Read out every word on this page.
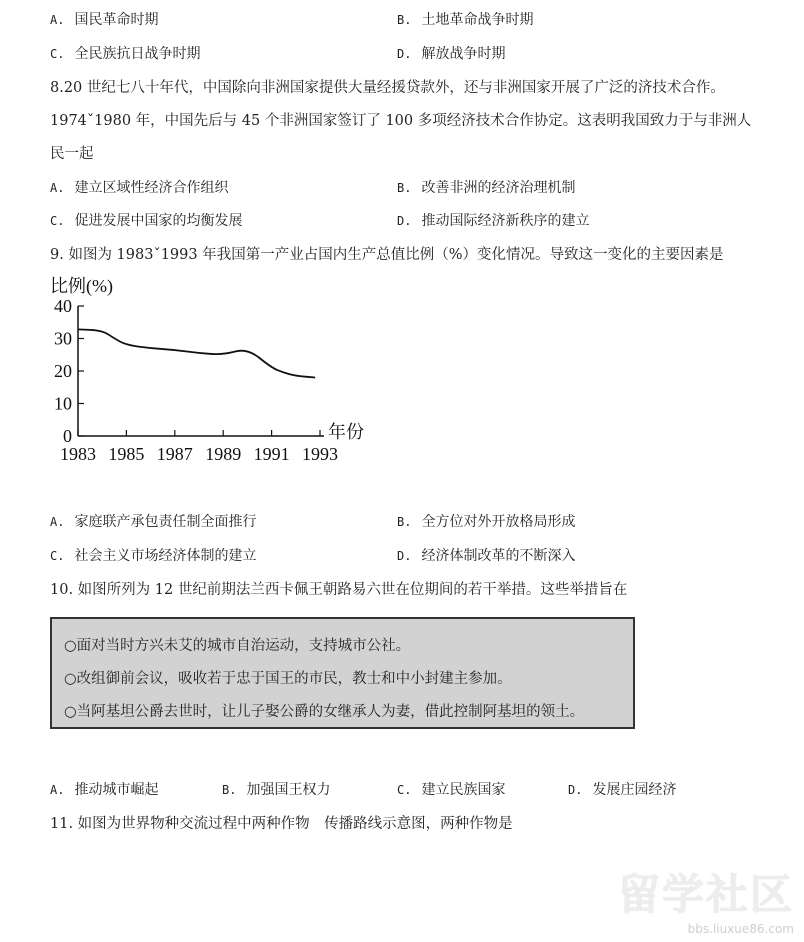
A. 国民革命时期	B. 土地革命战争时期
C. 全民族抗日战争时期	D. 解放战争时期
8.20 世纪七八十年代，中国除向非洲国家提供大量经援贷款外，还与非洲国家开展了广泛的济技术合作。
1974ˇ1980 年，中国先后与 45 个非洲国家签订了 100 多项经济技术合作协定。这表明我国致力于与非洲人
民一起
A. 建立区域性经济合作组织	B. 改善非洲的经济治理机制
C. 促进发展中国家的均衡发展	D. 推动国际经济新秩序的建立
9. 如图为 1983ˇ1993 年我国第一产业占国内生产总值比例（%）变化情况。导致这一变化的主要因素是
0
10
20
30
40
1983 1985 1987 1989 1991 1993
比例(%)
年份
A. 家庭联产承包责任制全面推行	B. 全方位对外开放格局形成
C. 社会主义市场经济体制的建立	D. 经济体制改革的不断深入
10. 如图所列为 12 世纪前期法兰西卡佩王朝路易六世在位期间的若干举措。这些举措旨在
○面对当时方兴未艾的城市自治运动，支持城市公社。
○改组御前会议，吸收若于忠于国王的市民，教士和中小封建主参加。
○当阿基坦公爵去世时，让儿子娶公爵的女继承人为妻，借此控制阿基坦的领土。
A. 推动城市崛起	B. 加强国王权力	C. 建立民族国家	D. 发展庄园经济
11. 如图为世界物种交流过程中两种作物　传播路线示意图，两种作物是
留学社区
bbs.liuxue86.com
